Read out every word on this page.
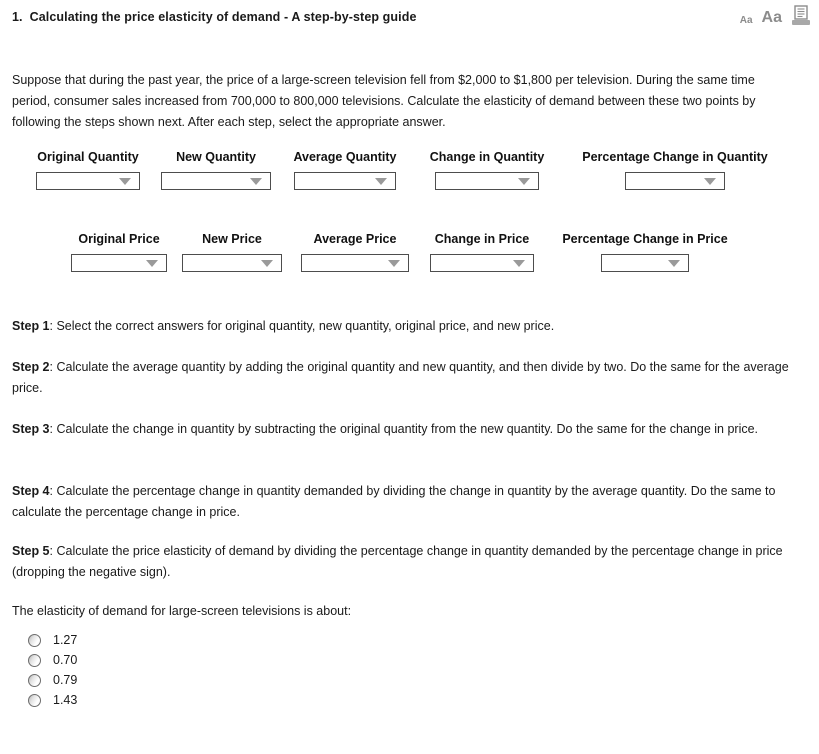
1. Calculating the price elasticity of demand - A step-by-step guide	Aa Aa
Suppose that during the past year, the price of a large-screen television fell from $2,000 to $1,800 per television. During the same time period, consumer sales increased from 700,000 to 800,000 televisions. Calculate the elasticity of demand between these two points by following the steps shown next. After each step, select the appropriate answer.
Original Quantity	New Quantity	Average Quantity	Change in Quantity	Percentage Change in Quantity
Original Price	New Price	Average Price	Change in Price	Percentage Change in Price
Step 1: Select the correct answers for original quantity, new quantity, original price, and new price.
Step 2: Calculate the average quantity by adding the original quantity and new quantity, and then divide by two. Do the same for the average price.
Step 3: Calculate the change in quantity by subtracting the original quantity from the new quantity. Do the same for the change in price.
Step 4: Calculate the percentage change in quantity demanded by dividing the change in quantity by the average quantity. Do the same to calculate the percentage change in price.
Step 5: Calculate the price elasticity of demand by dividing the percentage change in quantity demanded by the percentage change in price (dropping the negative sign).
The elasticity of demand for large-screen televisions is about:
1.27
0.70
0.79
1.43
